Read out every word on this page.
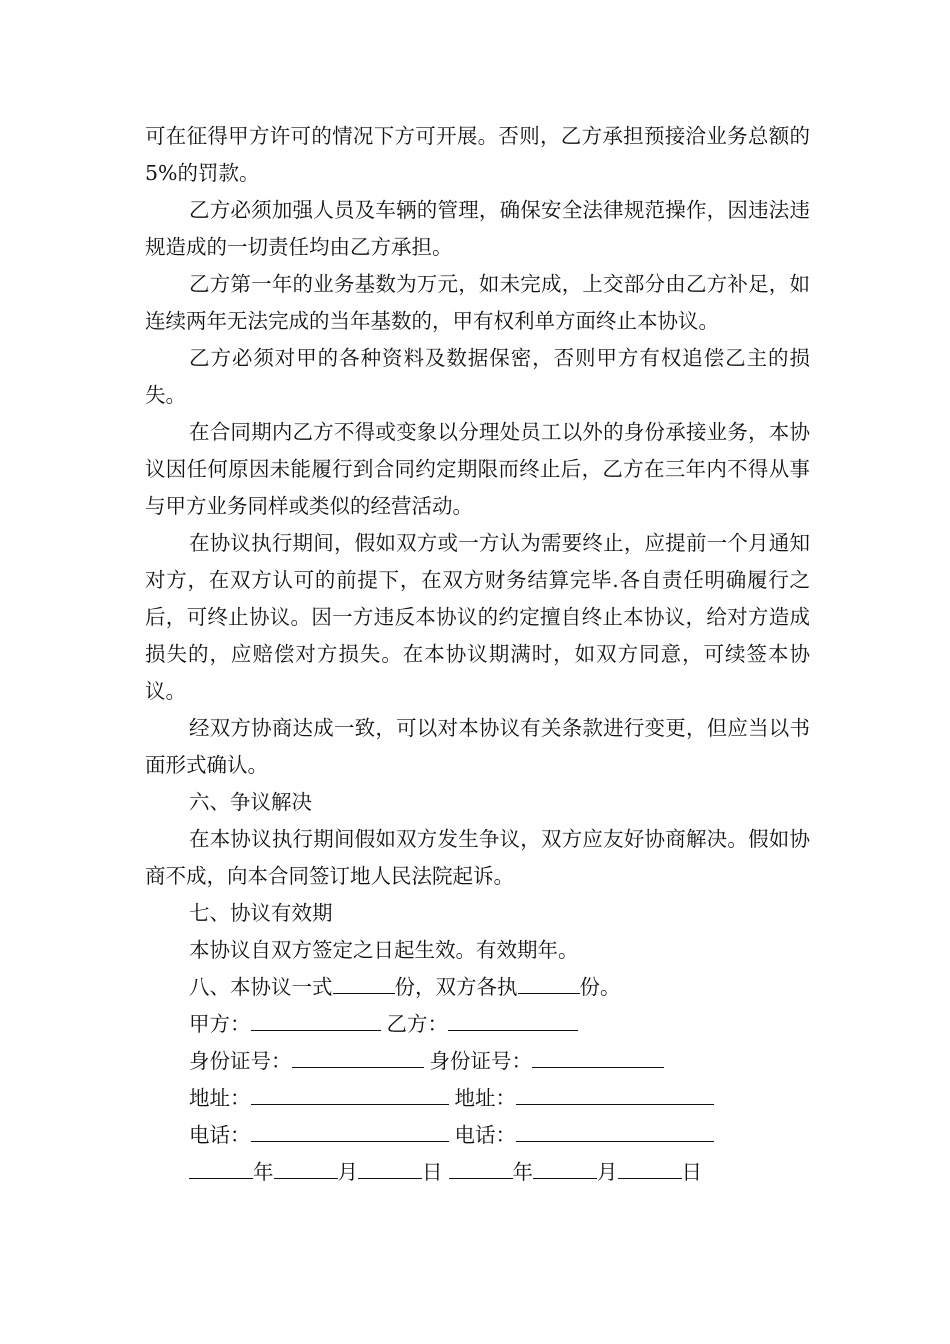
可在征得甲方许可的情况下方可开展。否则，乙方承担预接洽业务总额的5%的罚款。

乙方必须加强人员及车辆的管理，确保安全法律规范操作，因违法违规造成的一切责任均由乙方承担。

乙方第一年的业务基数为万元，如未完成，上交部分由乙方补足，如连续两年无法完成的当年基数的，甲有权利单方面终止本协议。

乙方必须对甲的各种资料及数据保密，否则甲方有权追偿乙主的损失。

在合同期内乙方不得或变象以分理处员工以外的身份承接业务，本协议因任何原因未能履行到合同约定期限而终止后，乙方在三年内不得从事与甲方业务同样或类似的经营活动。

在协议执行期间，假如双方或一方认为需要终止，应提前一个月通知对方，在双方认可的前提下，在双方财务结算完毕.各自责任明确履行之后，可终止协议。因一方违反本协议的约定擅自终止本协议，给对方造成损失的，应赔偿对方损失。在本协议期满时，如双方同意，可续签本协议。

经双方协商达成一致，可以对本协议有关条款进行变更，但应当以书面形式确认。

六、争议解决

在本协议执行期间假如双方发生争议，双方应友好协商解决。假如协商不成，向本合同签订地人民法院起诉。

七、协议有效期

本协议自双方签定之日起生效。有效期年。

八、本协议一式	份，双方各执	份。

甲方：	乙方：

身份证号：	身份证号：

地址：	地址：

电话：	电话：

年	月	日	年	月	日
